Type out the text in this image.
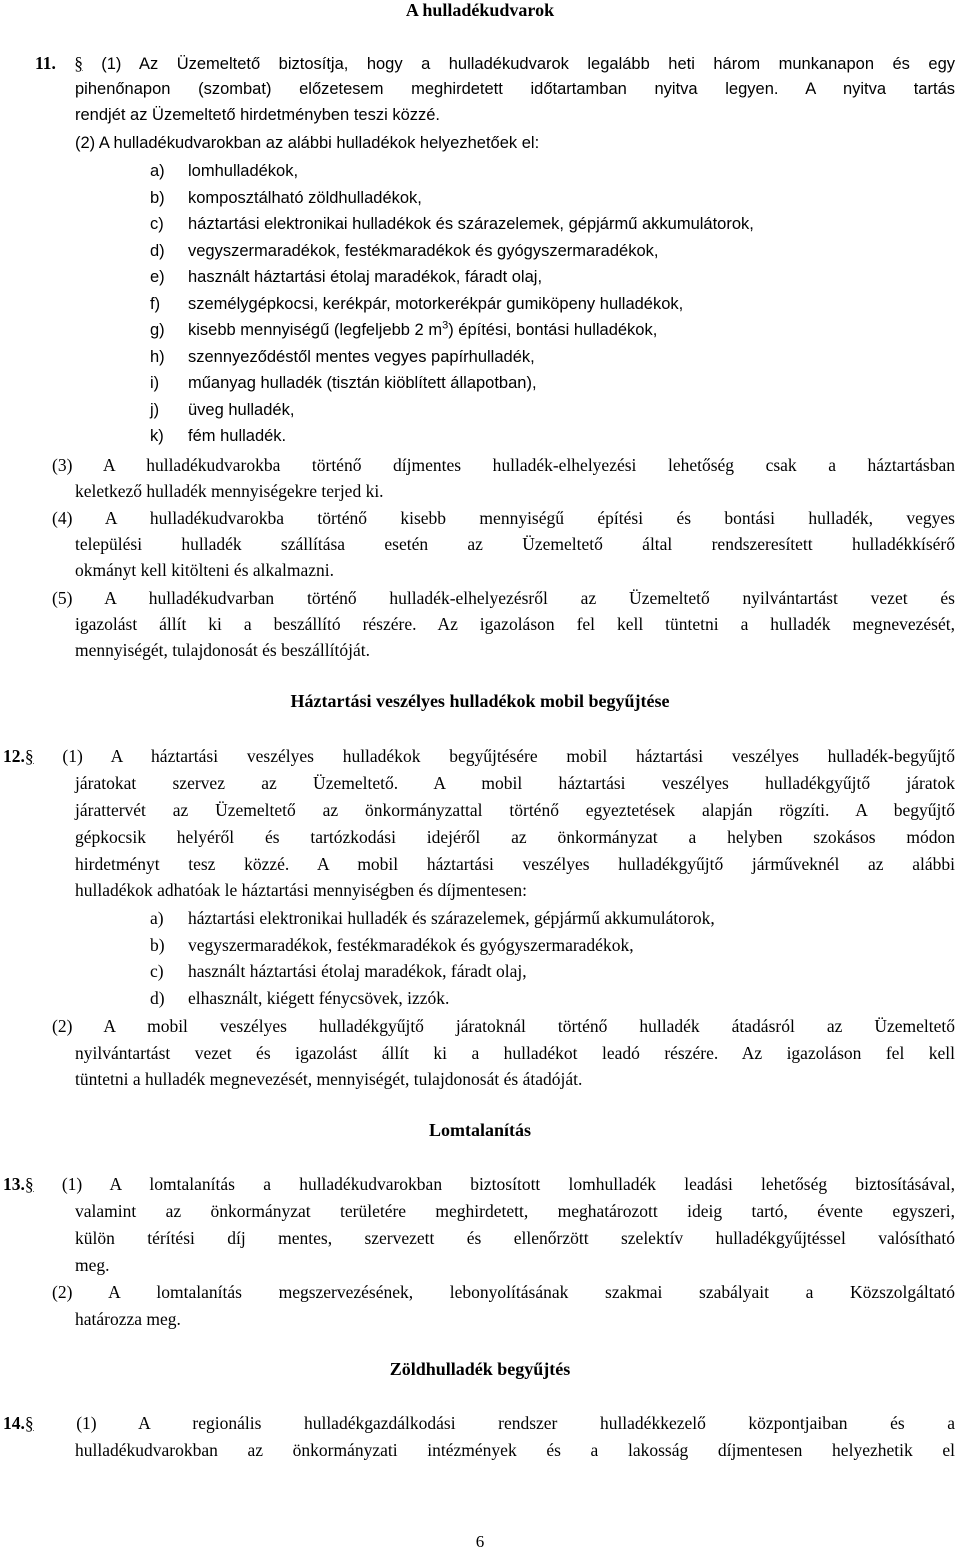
A hulladékudvarok
11. § (1) Az Üzemeltető biztosítja, hogy a hulladékudvarok legalább heti három munkanapon és egy
pihenőnapon (szombat) előzetesem meghirdetett időtartamban nyitva legyen. A nyitva tartás
rendjét az Üzemeltető hirdetményben teszi közzé.
(2) A hulladékudvarokban az alábbi hulladékok helyezhetőek el:
a) lomhulladékok,
b) komposztálható zöldhulladékok,
c) háztartási elektronikai hulladékok és szárazelemek, gépjármű akkumulátorok,
d) vegyszermaradékok, festékmaradékok és gyógyszermaradékok,
e) használt háztartási étolaj maradékok, fáradt olaj,
f) személygépkocsi, kerékpár, motorkerékpár gumiköpeny hulladékok,
g) kisebb mennyiségű (legfeljebb 2 $m^3$) építési, bontási hulladékok,
h) szennyeződéstől mentes vegyes papírhulladék,
i) műanyag hulladék (tisztán kiöblített állapotban),
j) üveg hulladék,
k) fém hulladék.
(3) A hulladékudvarokba történő díjmentes hulladék-elhelyezési lehetőség csak a háztartásban
keletkező hulladék mennyiségekre terjed ki.
(4) A hulladékudvarokba történő kisebb mennyiségű építési és bontási hulladék, vegyes
települési hulladék szállítása esetén az Üzemeltető által rendszeresített hulladékkísérő
okmányt kell kitölteni és alkalmazni.
(5) A hulladékudvarban történő hulladék-elhelyezésről az Üzemeltető nyilvántartást vezet és
igazolást állít ki a beszállító részére. Az igazoláson fel kell tüntetni a hulladék megnevezését,
mennyiségét, tulajdonosát és beszállítóját.
Háztartási veszélyes hulladékok mobil begyűjtése
12.§ (1) A háztartási veszélyes hulladékok begyűjtésére mobil háztartási veszélyes hulladék-begyűjtő
járatokat szervez az Üzemeltető. A mobil háztartási veszélyes hulladékgyűjtő járatok
járattervét az Üzemeltető az önkormányzattal történő egyeztetések alapján rögzíti. A begyűjtő
gépkocsik helyéről és tartózkodási idejéről az önkormányzat a helyben szokásos módon
hirdetményt tesz közzé. A mobil háztartási veszélyes hulladékgyűjtő járműveknél az alábbi
hulladékok adhatóak le háztartási mennyiségben és díjmentesen:
a) háztartási elektronikai hulladék és szárazelemek, gépjármű akkumulátorok,
b) vegyszermaradékok, festékmaradékok és gyógyszermaradékok,
c) használt háztartási étolaj maradékok, fáradt olaj,
d) elhasznált, kiégett fénycsövek, izzók.
(2) A mobil veszélyes hulladékgyűjtő járatoknál történő hulladék átadásról az Üzemeltető
nyilvántartást vezet és igazolást állít ki a hulladékot leadó részére. Az igazoláson fel kell
tüntetni a hulladék megnevezését, mennyiségét, tulajdonosát és átadóját.
Lomtalanítás
13.§ (1) A lomtalanítás a hulladékudvarokban biztosított lomhulladék leadási lehetőség biztosításával,
valamint az önkormányzat területére meghirdetett, meghatározott ideig tartó, évente egyszeri,
külön térítési díj mentes, szervezett és ellenőrzött szelektív hulladékgyűjtéssel valósítható
meg.
(2) A lomtalanítás megszervezésének, lebonyolításának szakmai szabályait a Közszolgáltató
határozza meg.
Zöldhulladék begyűjtés
14.§ (1) A regionális hulladékgazdálkodási rendszer hulladékkezelő központjaiban és a
hulladékudvarokban az önkormányzati intézmények és a lakosság díjmentesen helyezhetik el
6
